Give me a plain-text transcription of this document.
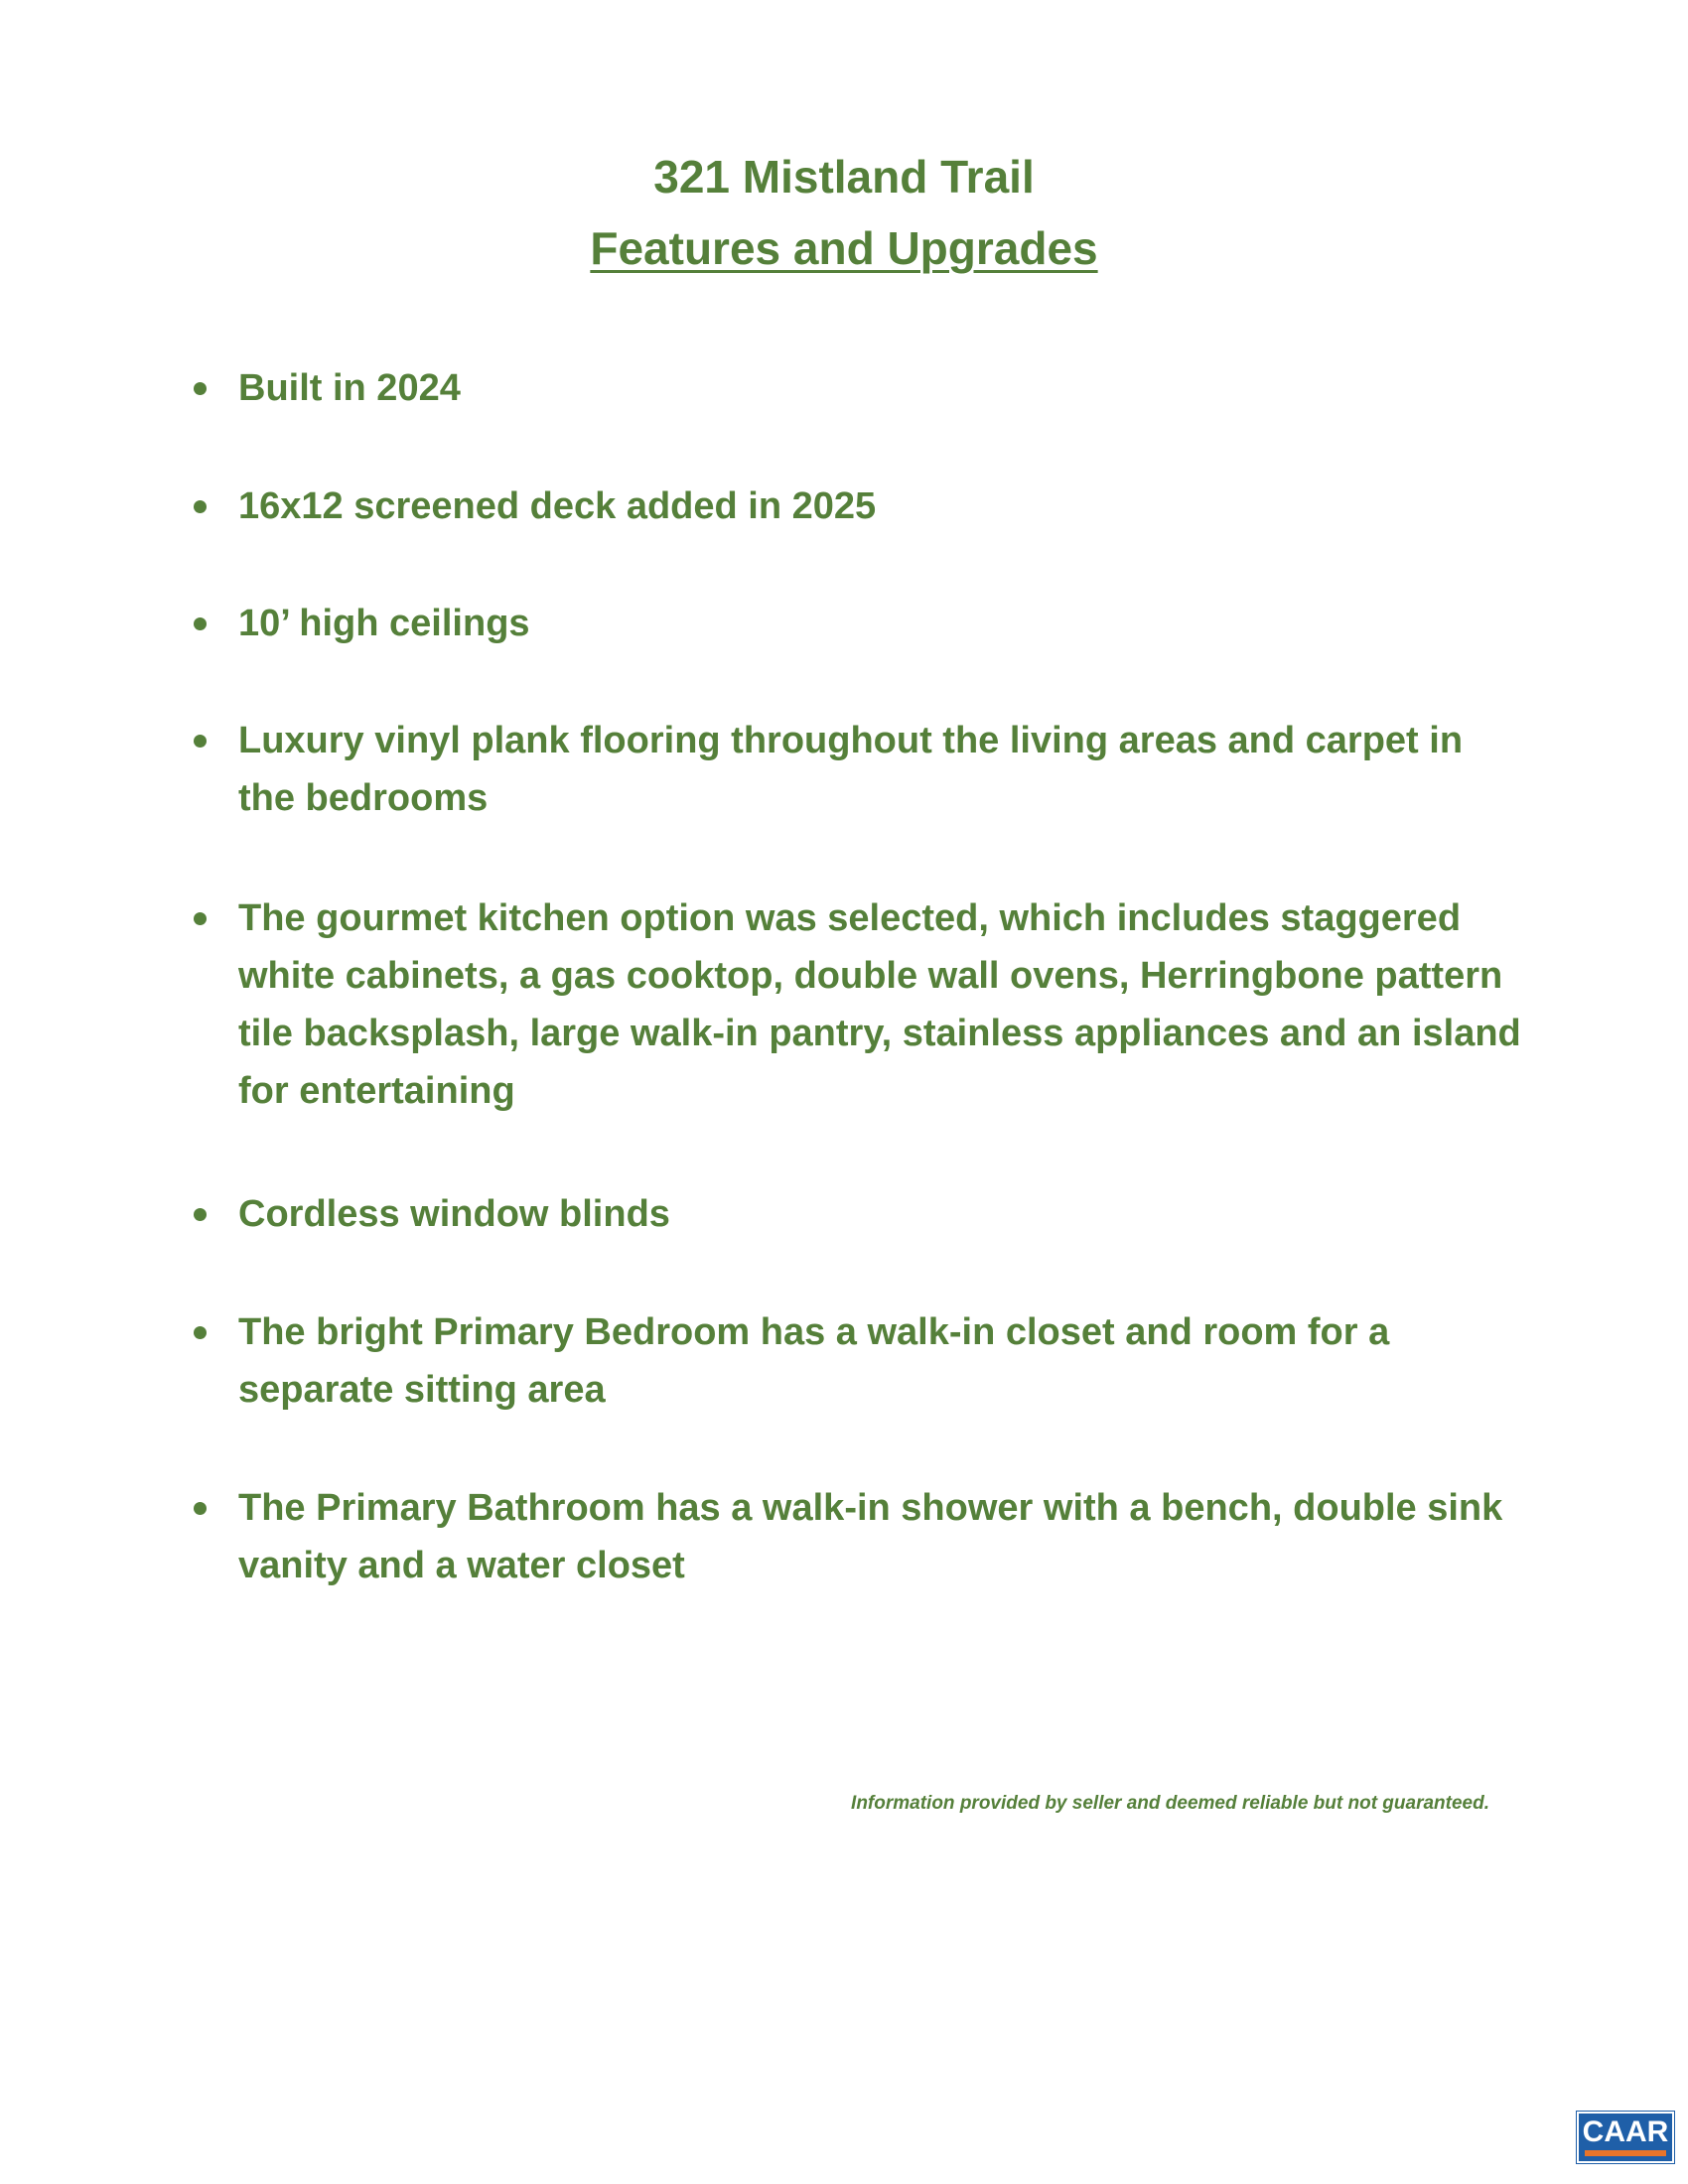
321 Mistland Trail
Features and Upgrades
Built in 2024
16x12 screened deck added in 2025
10’ high ceilings
Luxury vinyl plank flooring throughout the living areas and carpet in
the bedrooms
The gourmet kitchen option was selected, which includes staggered
white cabinets, a gas cooktop, double wall ovens, Herringbone pattern
tile backsplash, large walk-in pantry, stainless appliances and an island
for entertaining
Cordless window blinds
The bright Primary Bedroom has a walk-in closet and room for a
separate sitting area
The Primary Bathroom has a walk-in shower with a bench, double sink
vanity and a water closet
Information provided by seller and deemed reliable but not guaranteed.
CAAR
